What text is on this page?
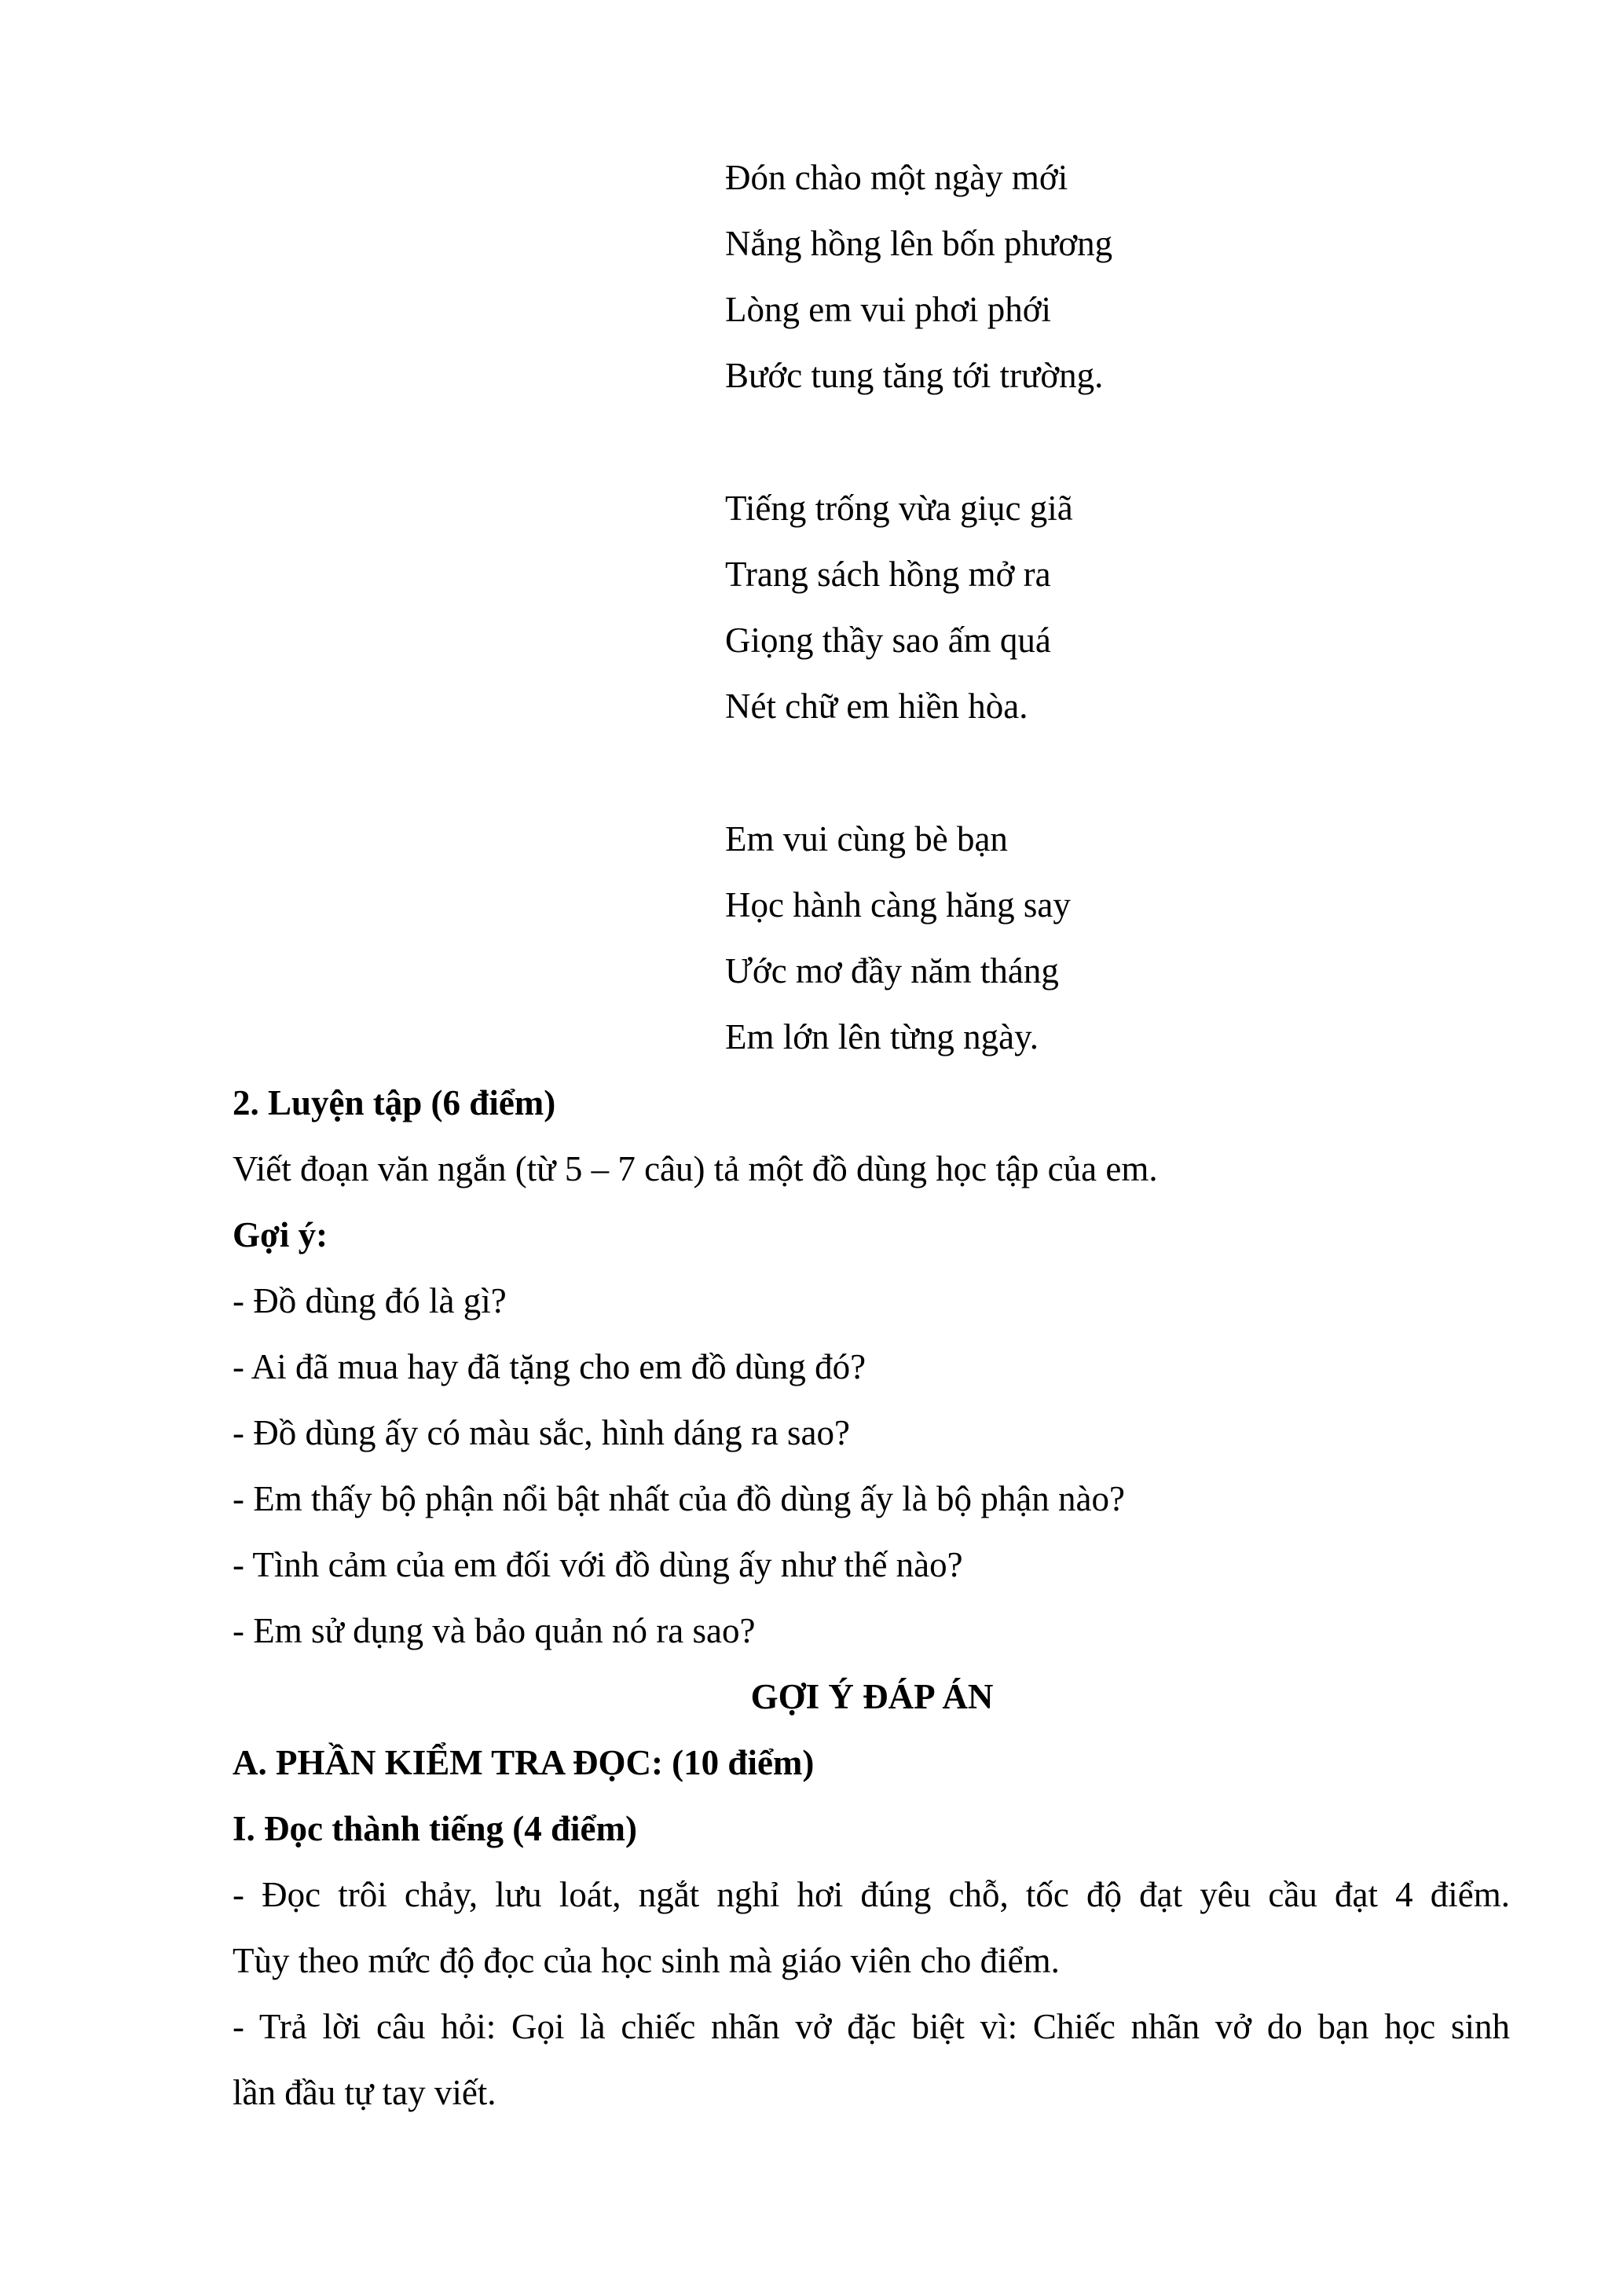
Đón chào một ngày mới
Nắng hồng lên bốn phương
Lòng em vui phơi phới
Bước tung tăng tới trường.
Tiếng trống vừa giục giã
Trang sách hồng mở ra
Giọng thầy sao ấm quá
Nét chữ em hiền hòa.
Em vui cùng bè bạn
Học hành càng hăng say
Ước mơ đầy năm tháng
Em lớn lên từng ngày.
2. Luyện tập (6 điểm)
Viết đoạn văn ngắn (từ 5 – 7 câu) tả một đồ dùng học tập của em.
Gợi ý:
- Đồ dùng đó là gì?
- Ai đã mua hay đã tặng cho em đồ dùng đó?
- Đồ dùng ấy có màu sắc, hình dáng ra sao?
- Em thấy bộ phận nổi bật nhất của đồ dùng ấy là bộ phận nào?
- Tình cảm của em đối với đồ dùng ấy như thế nào?
- Em sử dụng và bảo quản nó ra sao?
GỢI Ý ĐÁP ÁN
A. PHẦN KIỂM TRA ĐỌC: (10 điểm)
I. Đọc thành tiếng (4 điểm)
- Đọc trôi chảy, lưu loát, ngắt nghỉ hơi đúng chỗ, tốc độ đạt yêu cầu đạt 4 điểm.
Tùy theo mức độ đọc của học sinh mà giáo viên cho điểm.
- Trả lời câu hỏi: Gọi là chiếc nhãn vở đặc biệt vì: Chiếc nhãn vở do bạn học sinh
lần đầu tự tay viết.
